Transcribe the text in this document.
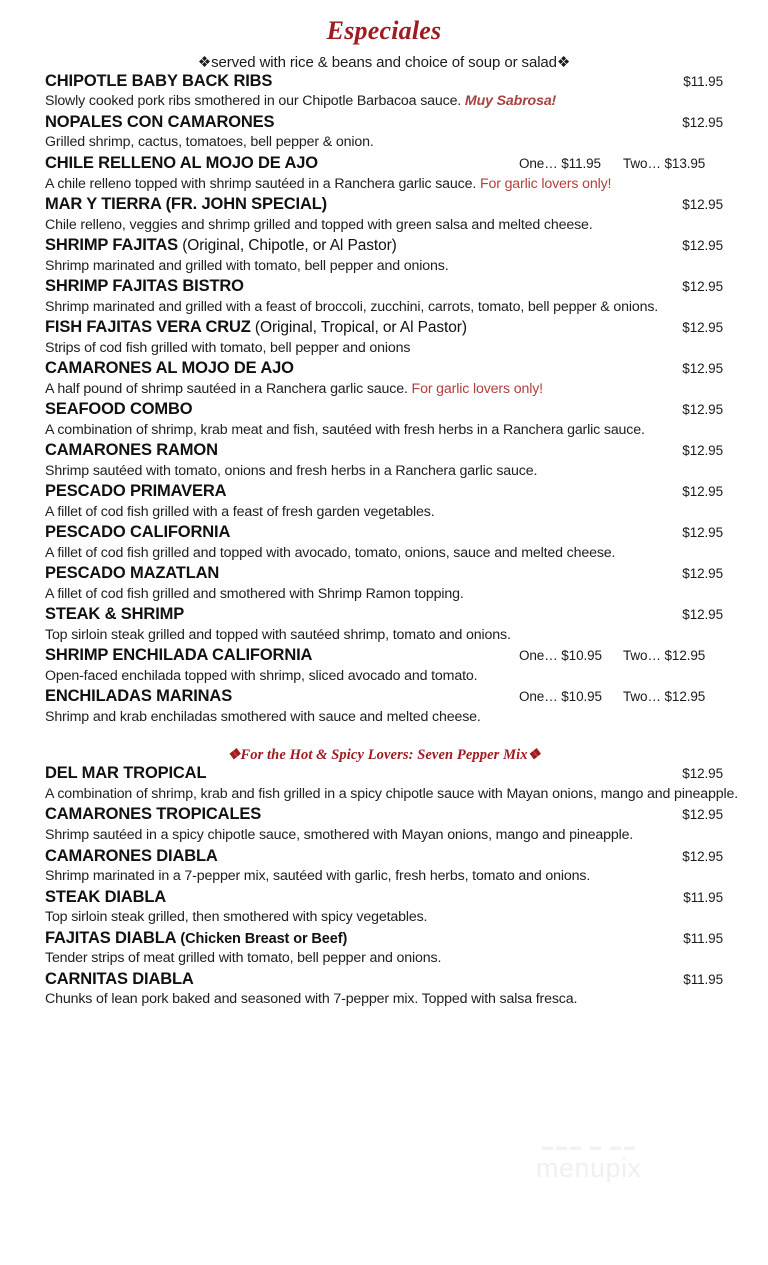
Especiales
❖served with rice & beans and choice of soup or salad❖
CHIPOTLE BABY BACK RIBS	$11.95
Slowly cooked pork ribs smothered in our Chipotle Barbacoa sauce. Muy Sabrosa!
NOPALES CON CAMARONES	$12.95
Grilled shrimp, cactus, tomatoes, bell pepper & onion.
CHILE RELLENO AL MOJO DE AJO	One… $11.95 Two… $13.95
A chile relleno topped with shrimp sautéed in a Ranchera garlic sauce. For garlic lovers only!
MAR Y TIERRA (FR. JOHN SPECIAL)	$12.95
Chile relleno, veggies and shrimp grilled and topped with green salsa and melted cheese.
SHRIMP FAJITAS (Original, Chipotle, or Al Pastor)	$12.95
Shrimp marinated and grilled with tomato, bell pepper and onions.
SHRIMP FAJITAS BISTRO	$12.95
Shrimp marinated and grilled with a feast of broccoli, zucchini, carrots, tomato, bell pepper & onions.
FISH FAJITAS VERA CRUZ (Original, Tropical, or Al Pastor)	$12.95
Strips of cod fish grilled with tomato, bell pepper and onions
CAMARONES AL MOJO DE AJO	$12.95
A half pound of shrimp sautéed in a Ranchera garlic sauce. For garlic lovers only!
SEAFOOD COMBO	$12.95
A combination of shrimp, krab meat and fish, sautéed with fresh herbs in a Ranchera garlic sauce.
CAMARONES RAMON	$12.95
Shrimp sautéed with tomato, onions and fresh herbs in a Ranchera garlic sauce.
PESCADO PRIMAVERA	$12.95
A fillet of cod fish grilled with a feast of fresh garden vegetables.
PESCADO CALIFORNIA	$12.95
A fillet of cod fish grilled and topped with avocado, tomato, onions, sauce and melted cheese.
PESCADO MAZATLAN	$12.95
A fillet of cod fish grilled and smothered with Shrimp Ramon topping.
STEAK & SHRIMP	$12.95
Top sirloin steak grilled and topped with sautéed shrimp, tomato and onions.
SHRIMP ENCHILADA CALIFORNIA	One… $10.95 Two… $12.95
Open-faced enchilada topped with shrimp, sliced avocado and tomato.
ENCHILADAS MARINAS	One… $10.95 Two… $12.95
Shrimp and krab enchiladas smothered with sauce and melted cheese.
❖For the Hot & Spicy Lovers: Seven Pepper Mix❖
DEL MAR TROPICAL	$12.95
A combination of shrimp, krab and fish grilled in a spicy chipotle sauce with Mayan onions, mango and pineapple.
CAMARONES TROPICALES	$12.95
Shrimp sautéed in a spicy chipotle sauce, smothered with Mayan onions, mango and pineapple.
CAMARONES DIABLA	$12.95
Shrimp marinated in a 7-pepper mix, sautéed with garlic, fresh herbs, tomato and onions.
STEAK DIABLA	$11.95
Top sirloin steak grilled, then smothered with spicy vegetables.
FAJITAS DIABLA (Chicken Breast or Beef)	$11.95
Tender strips of meat grilled with tomato, bell pepper and onions.
CARNITAS DIABLA	$11.95
Chunks of lean pork baked and seasoned with 7-pepper mix. Topped with salsa fresca.
▬▬▬ ▬ ▬▬
menupix
